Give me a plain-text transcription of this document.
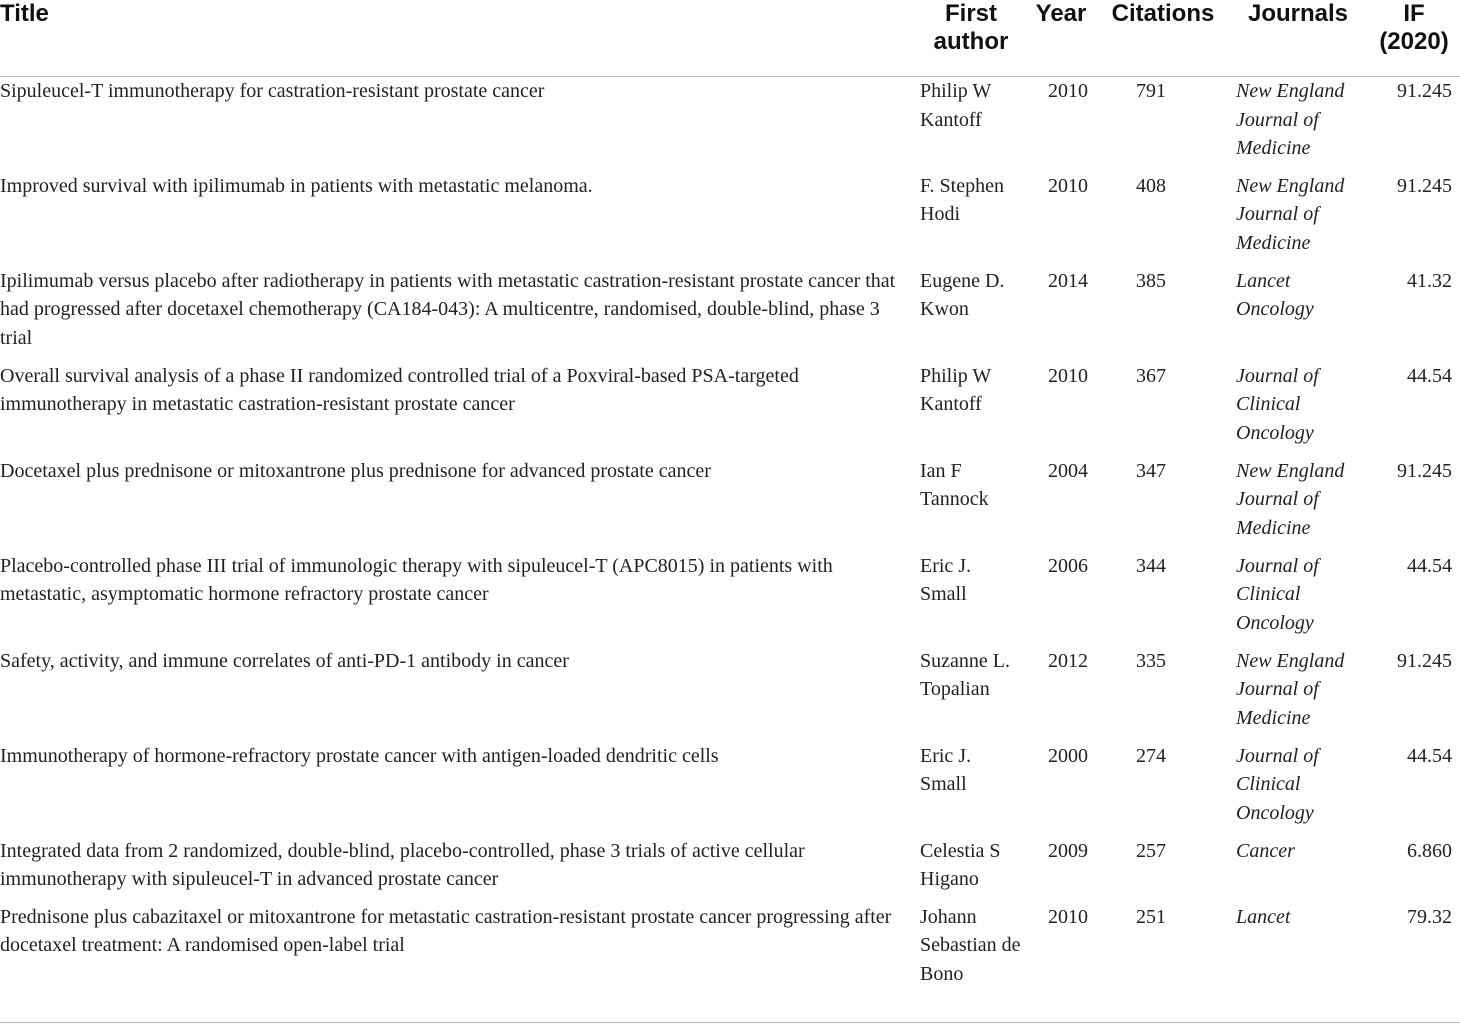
Title	First author	Year	Citations	Journals	IF (2020)
Sipuleucel-T immunotherapy for castration-resistant prostate cancer	Philip W Kantoff	2010	791	New England Journal of Medicine	91.245
Improved survival with ipilimumab in patients with metastatic melanoma.	F. Stephen Hodi	2010	408	New England Journal of Medicine	91.245
Ipilimumab versus placebo after radiotherapy in patients with metastatic castration-resistant prostate cancer that had progressed after docetaxel chemotherapy (CA184-043): A multicentre, randomised, double-blind, phase 3 trial	Eugene D. Kwon	2014	385	Lancet Oncology	41.32
Overall survival analysis of a phase II randomized controlled trial of a Poxviral-based PSA-targeted immunotherapy in metastatic castration-resistant prostate cancer	Philip W Kantoff	2010	367	Journal of Clinical Oncology	44.54
Docetaxel plus prednisone or mitoxantrone plus prednisone for advanced prostate cancer	Ian F Tannock	2004	347	New England Journal of Medicine	91.245
Placebo-controlled phase III trial of immunologic therapy with sipuleucel-T (APC8015) in patients with metastatic, asymptomatic hormone refractory prostate cancer	Eric J. Small	2006	344	Journal of Clinical Oncology	44.54
Safety, activity, and immune correlates of anti-PD-1 antibody in cancer	Suzanne L. Topalian	2012	335	New England Journal of Medicine	91.245
Immunotherapy of hormone-refractory prostate cancer with antigen-loaded dendritic cells	Eric J. Small	2000	274	Journal of Clinical Oncology	44.54
Integrated data from 2 randomized, double-blind, placebo-controlled, phase 3 trials of active cellular immunotherapy with sipuleucel-T in advanced prostate cancer	Celestia S Higano	2009	257	Cancer	6.860
Prednisone plus cabazitaxel or mitoxantrone for metastatic castration-resistant prostate cancer progressing after docetaxel treatment: A randomised open-label trial	Johann Sebastian de Bono	2010	251	Lancet	79.32
